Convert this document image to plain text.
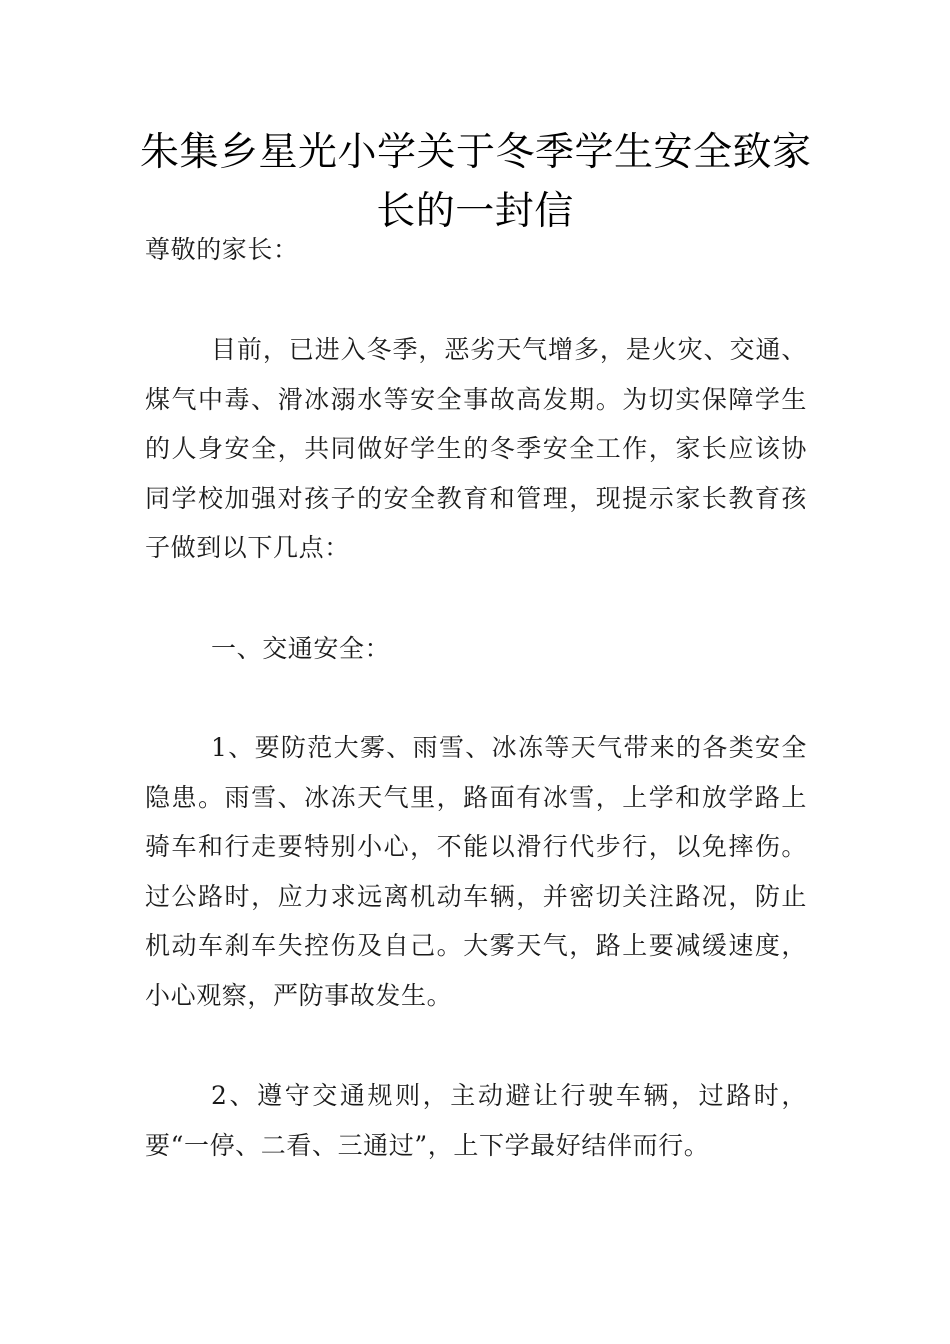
朱集乡星光小学关于冬季学生安全致家
长的一封信

尊敬的家长：

目前，已进入冬季，恶劣天气增多，是火灾、交通、煤气中毒、滑冰溺水等安全事故高发期。为切实保障学生的人身安全，共同做好学生的冬季安全工作，家长应该协同学校加强对孩子的安全教育和管理，现提示家长教育孩子做到以下几点：

一、交通安全：

1、要防范大雾、雨雪、冰冻等天气带来的各类安全隐患。雨雪、冰冻天气里，路面有冰雪，上学和放学路上骑车和行走要特别小心，不能以滑行代步行，以免摔伤。过公路时，应力求远离机动车辆，并密切关注路况，防止机动车刹车失控伤及自己。大雾天气，路上要减缓速度，小心观察，严防事故发生。

2、遵守交通规则，主动避让行驶车辆，过路时，要“一停、二看、三通过”，上下学最好结伴而行。
